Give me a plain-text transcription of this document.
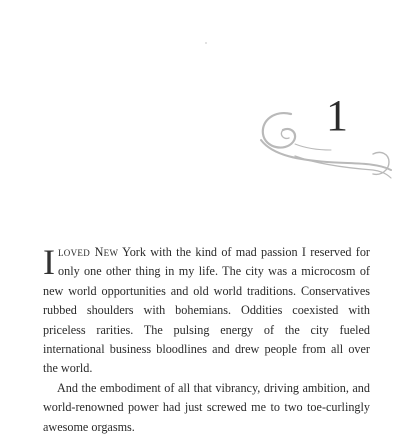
1

Iloved New York with the kind of mad passion I reserved for only one other thing in my life. The city was a microcosm of new world opportunities and old world traditions. Conservatives rubbed shoulders with bohemians. Oddities coexisted with priceless rarities. The pulsing energy of the city fueled international business bloodlines and drew people from all over the world.

And the embodiment of all that vibrancy, driving ambition, and world-renowned power had just screwed me to two toe-curlingly awesome orgasms.
